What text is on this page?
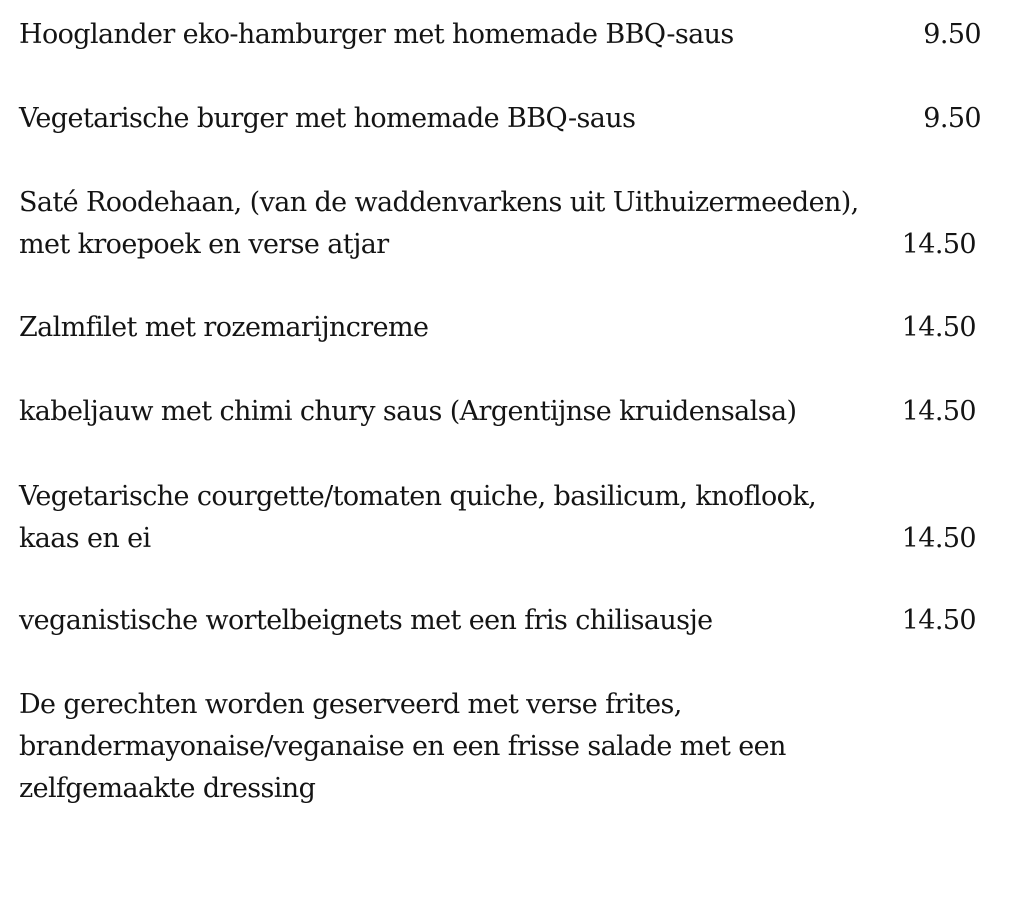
Hooglander eko-hamburger met homemade BBQ-saus	9.50
Vegetarische burger met homemade BBQ-saus	9.50
Saté Roodehaan, (van de waddenvarkens uit Uithuizermeeden),
met kroepoek en verse atjar	14.50
Zalmfilet met rozemarijncreme	14.50
kabeljauw met chimi chury saus (Argentijnse kruidensalsa)	14.50
Vegetarische courgette/tomaten quiche, basilicum, knoflook,
kaas en ei	14.50
veganistische wortelbeignets met een fris chilisausje	14.50
De gerechten worden geserveerd met verse frites,
brandermayonaise/veganaise en een frisse salade met een
zelfgemaakte dressing
